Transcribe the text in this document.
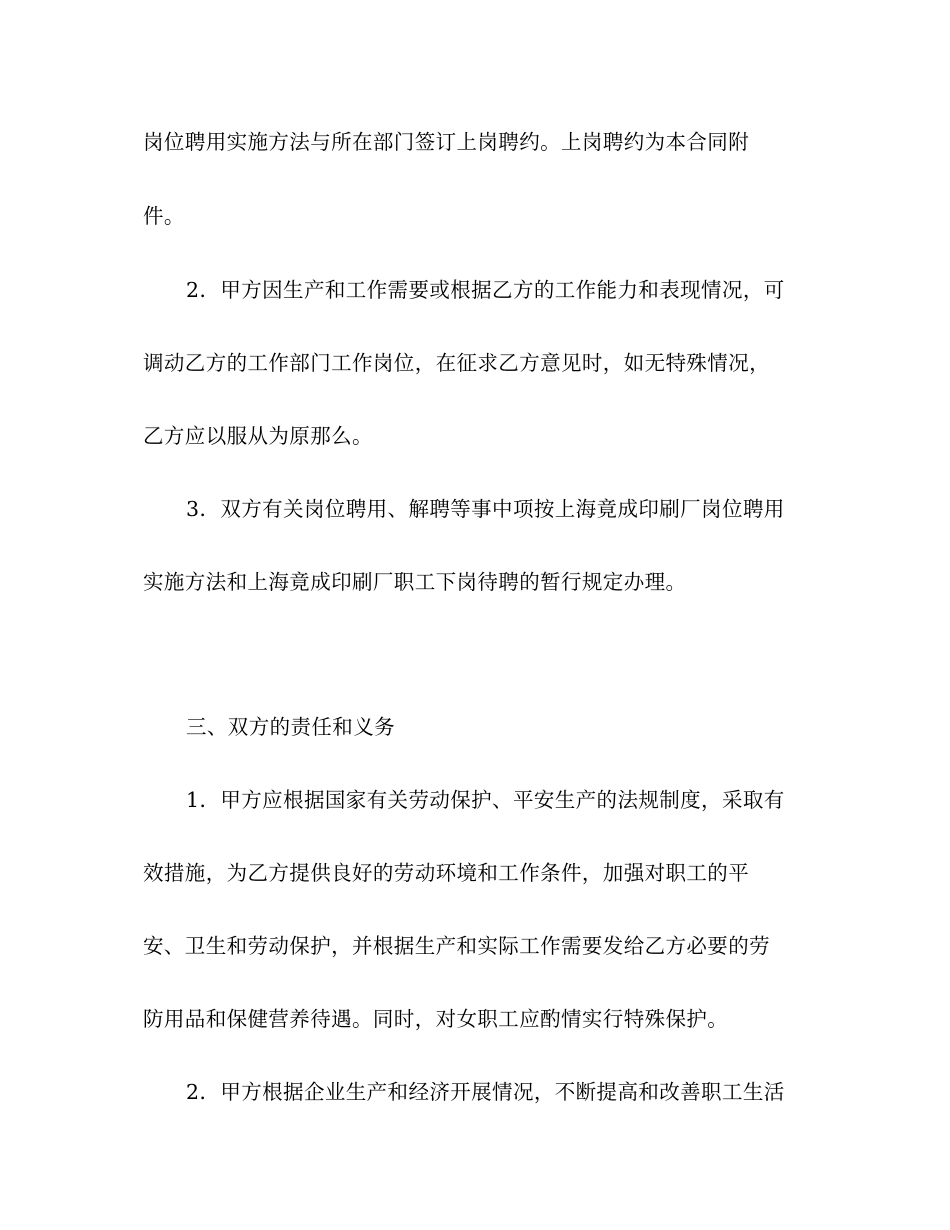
岗位聘用实施方法与所在部门签订上岗聘约。上岗聘约为本合同附
件。
2．甲方因生产和工作需要或根据乙方的工作能力和表现情况，可
调动乙方的工作部门工作岗位，在征求乙方意见时，如无特殊情况，
乙方应以服从为原那么。
3．双方有关岗位聘用、解聘等事中项按上海竟成印刷厂岗位聘用
实施方法和上海竟成印刷厂职工下岗待聘的暂行规定办理。
三、双方的责任和义务
1．甲方应根据国家有关劳动保护、平安生产的法规制度，采取有
效措施，为乙方提供良好的劳动环境和工作条件，加强对职工的平
安、卫生和劳动保护，并根据生产和实际工作需要发给乙方必要的劳
防用品和保健营养待遇。同时，对女职工应酌情实行特殊保护。
2．甲方根据企业生产和经济开展情况，不断提高和改善职工生活
